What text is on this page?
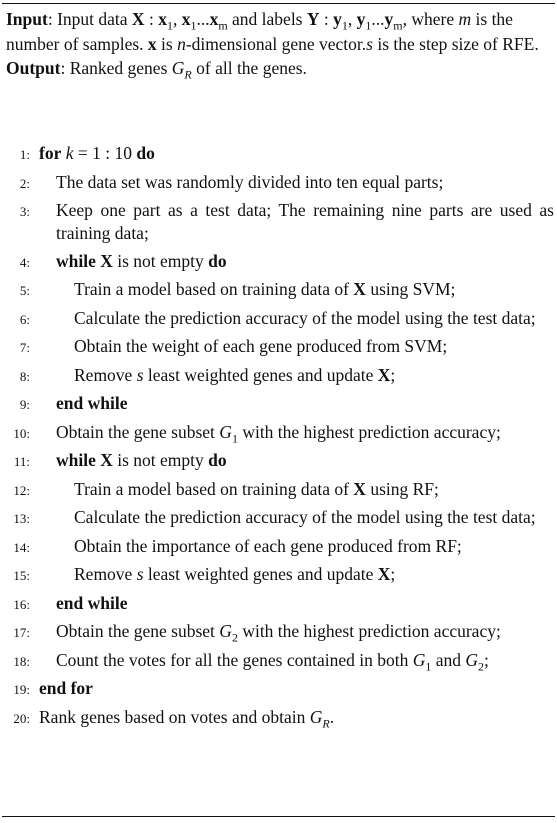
Input: Input data X : $x_1$, $x_1...x_m$ and labels Y : $y_1$, $y_1...y_m$, where m is the number of samples. x is n-dimensional gene vector.s is the step size of RFE.

Output: Ranked genes $G_R$ of all the genes.

1: for k = 1 : 10 do
2:	The data set was randomly divided into ten equal parts;
3:	Keep one part as a test data; The remaining nine parts are used as training data;
4:	while X is not empty do
5:	Train a model based on training data of X using SVM;
6:	Calculate the prediction accuracy of the model using the test data;
7:	Obtain the weight of each gene produced from SVM;
8:	Remove s least weighted genes and update X;
9:	end while
10:	Obtain the gene subset $G_1$ with the highest prediction accuracy;
11:	while X is not empty do
12:	Train a model based on training data of X using RF;
13:	Calculate the prediction accuracy of the model using the test data;
14:	Obtain the importance of each gene produced from RF;
15:	Remove s least weighted genes and update X;
16:	end while
17:	Obtain the gene subset $G_2$ with the highest prediction accuracy;
18:	Count the votes for all the genes contained in both $G_1$ and $G_2$;
19: end for
20: Rank genes based on votes and obtain $G_R$.
